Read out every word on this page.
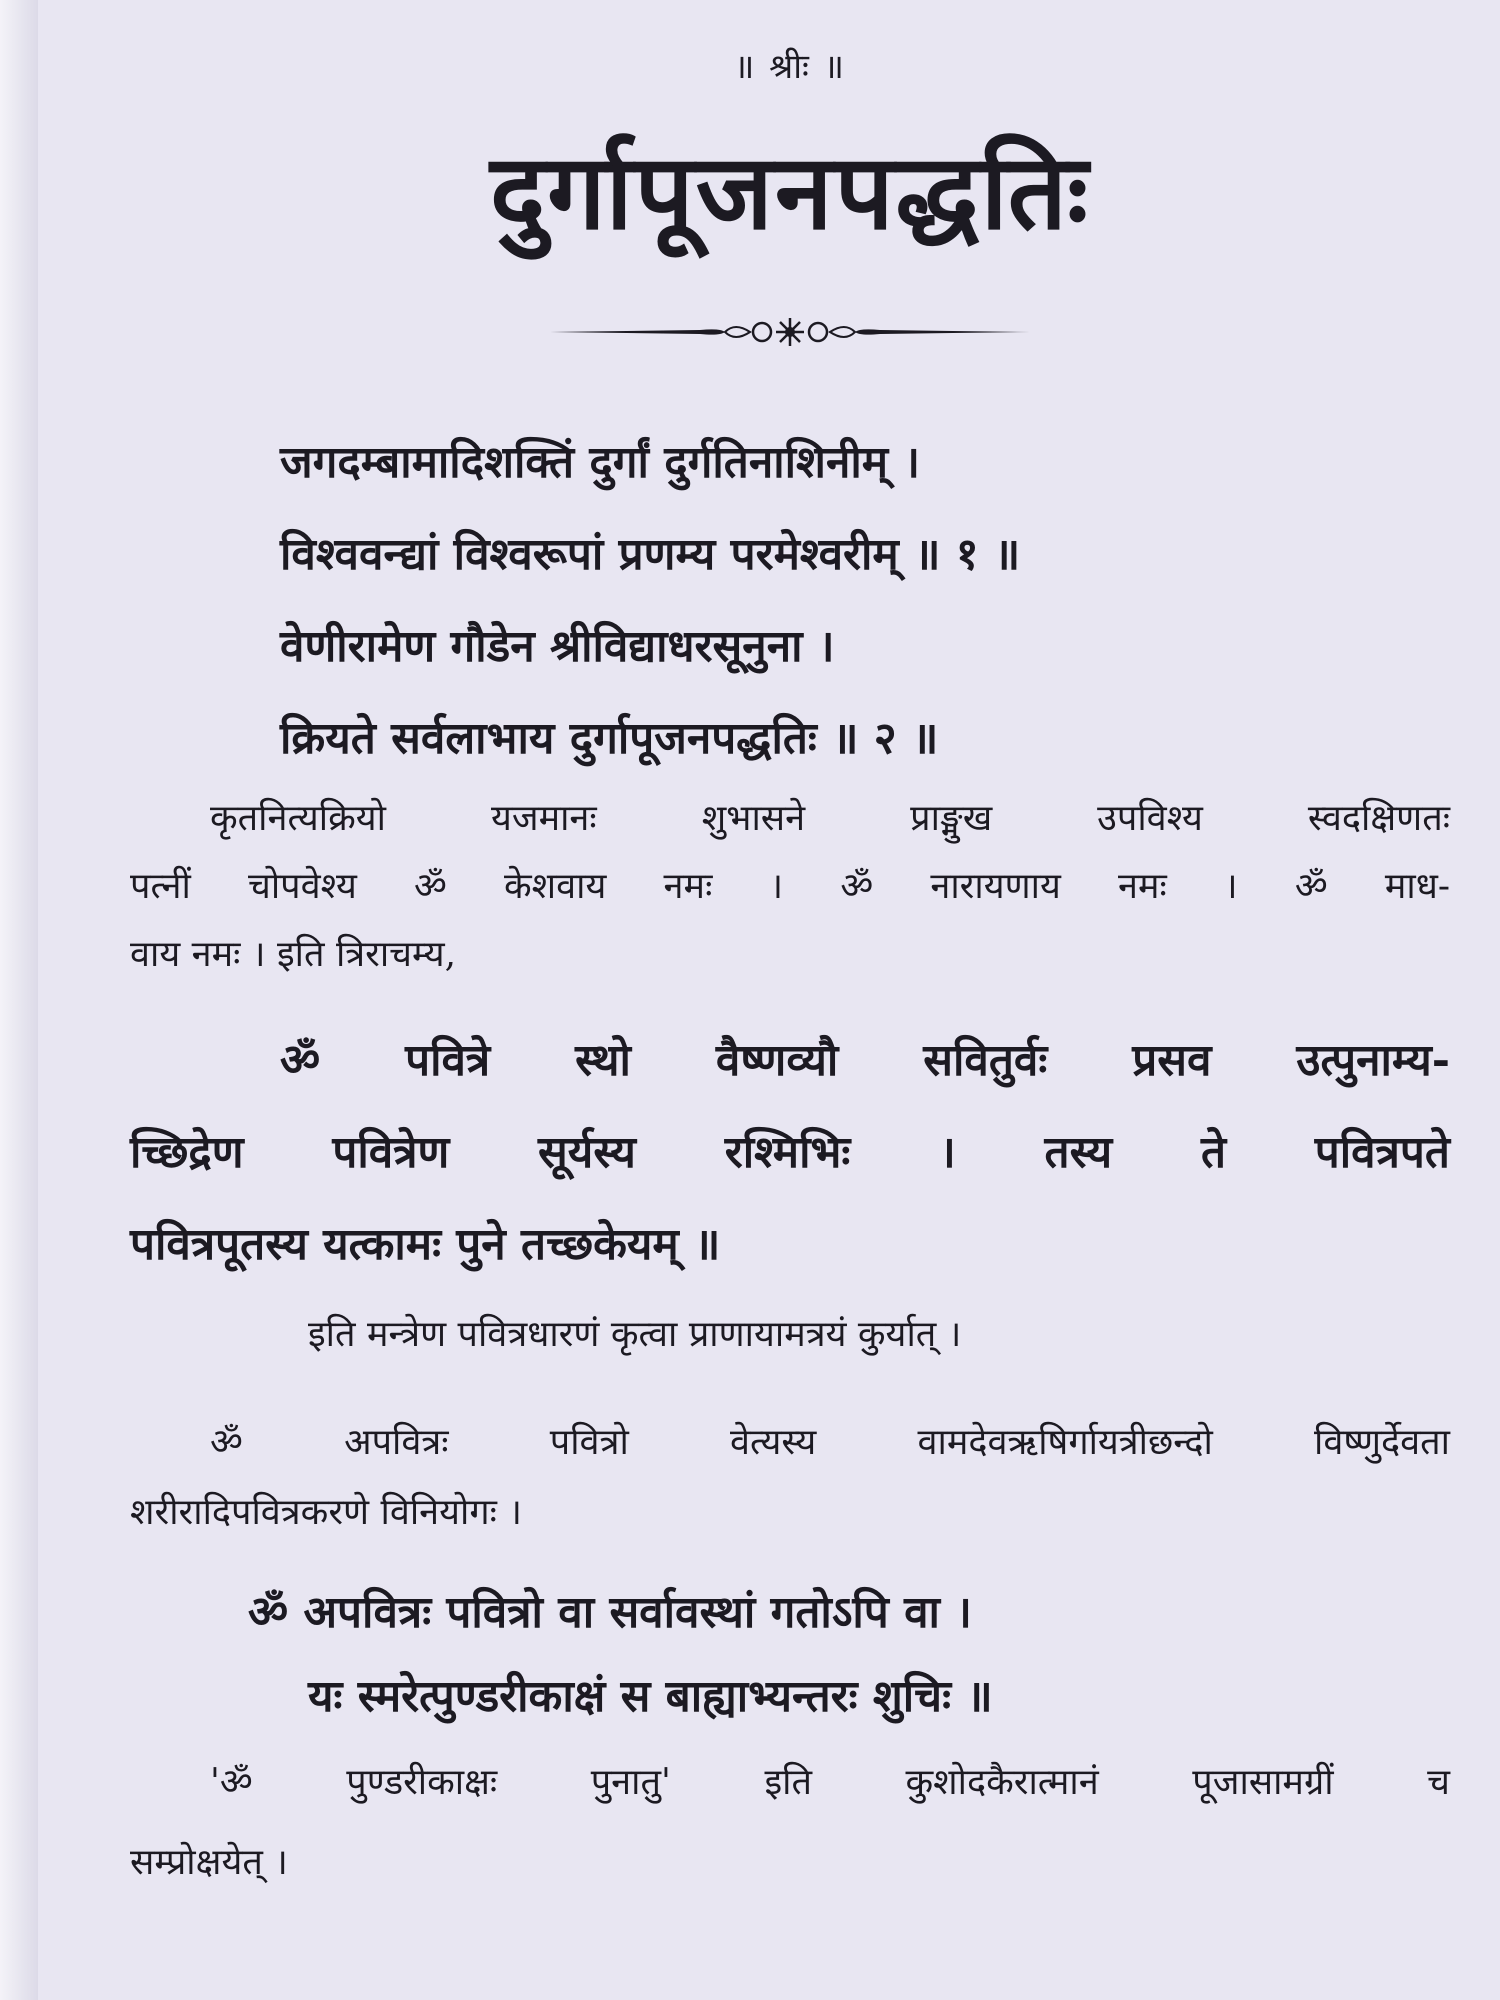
॥ श्रीः ॥
दुर्गापूजनपद्धतिः
जगदम्बामादिशक्तिं दुर्गां दुर्गतिनाशिनीम् ।
विश्ववन्द्यां विश्वरूपां प्रणम्य परमेश्वरीम् ॥ १ ॥
वेणीरामेण गौडेन श्रीविद्याधरसूनुना ।
क्रियते सर्वलाभाय दुर्गापूजनपद्धतिः ॥ २ ॥
कृतनित्यक्रियो यजमानः शुभासने प्राङ्मुख उपविश्य स्वदक्षिणतः
पत्नीं चोपवेश्य ॐ केशवाय नमः । ॐ नारायणाय नमः । ॐ माध-
वाय नमः । इति त्रिराचम्य,
ॐ पवित्रे स्थो वैष्णव्यौ सवितुर्वः प्रसव उत्पुनाम्य-
च्छिद्रेण पवित्रेण सूर्यस्य रश्मिभिः । तस्य ते पवित्रपते
पवित्रपूतस्य यत्कामः पुने तच्छकेयम् ॥
इति मन्त्रेण पवित्रधारणं कृत्वा प्राणायामत्रयं कुर्यात् ।
ॐ अपवित्रः पवित्रो वेत्यस्य वामदेवऋषिर्गायत्रीछन्दो विष्णुर्देवता
शरीरादिपवित्रकरणे विनियोगः ।
ॐ अपवित्रः पवित्रो वा सर्वावस्थां गतोऽपि वा ।
यः स्मरेत्पुण्डरीकाक्षं स बाह्याभ्यन्तरः शुचिः ॥
'ॐ पुण्डरीकाक्षः पुनातु' इति कुशोदकैरात्मानं पूजासामग्रीं च
सम्प्रोक्षयेत् ।
